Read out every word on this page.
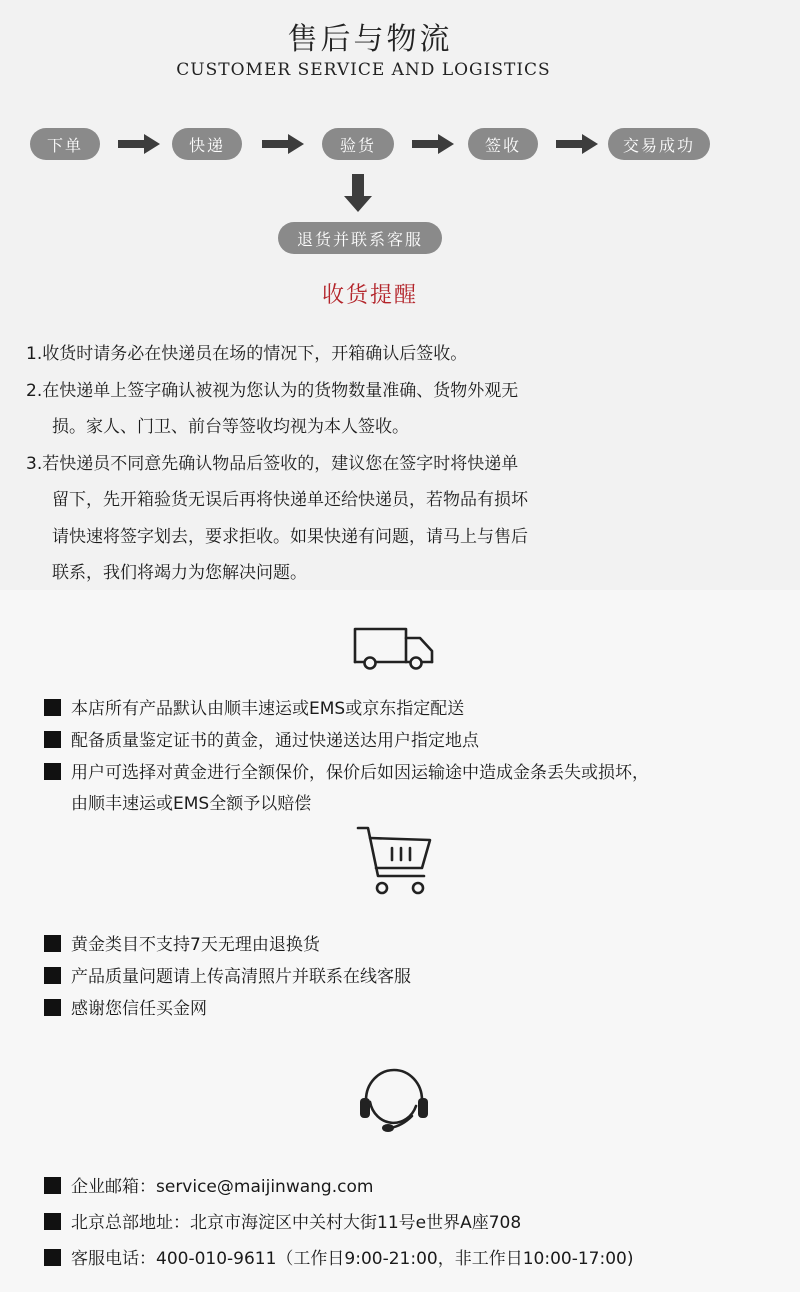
售后与物流
CUSTOMER SERVICE AND LOGISTICS
下单	快递	验货	签收	交易成功
退货并联系客服
收货提醒
1.收货时请务必在快递员在场的情况下，开箱确认后签收。
2.在快递单上签字确认被视为您认为的货物数量准确、货物外观无
损。家人、门卫、前台等签收均视为本人签收。
3.若快递员不同意先确认物品后签收的，建议您在签字时将快递单
留下，先开箱验货无误后再将快递单还给快递员，若物品有损坏
请快速将签字划去，要求拒收。如果快递有问题，请马上与售后
联系，我们将竭力为您解决问题。
本店所有产品默认由顺丰速运或EMS或京东指定配送
配备质量鉴定证书的黄金，通过快递送达用户指定地点
用户可选择对黄金进行全额保价，保价后如因运输途中造成金条丢失或损坏，
由顺丰速运或EMS全额予以赔偿
黄金类目不支持7天无理由退换货
产品质量问题请上传高清照片并联系在线客服
感谢您信任买金网
企业邮箱：service@maijinwang.com
北京总部地址：北京市海淀区中关村大街11号e世界A座708
客服电话：400-010-9611（工作日9:00-21:00，非工作日10:00-17:00)
